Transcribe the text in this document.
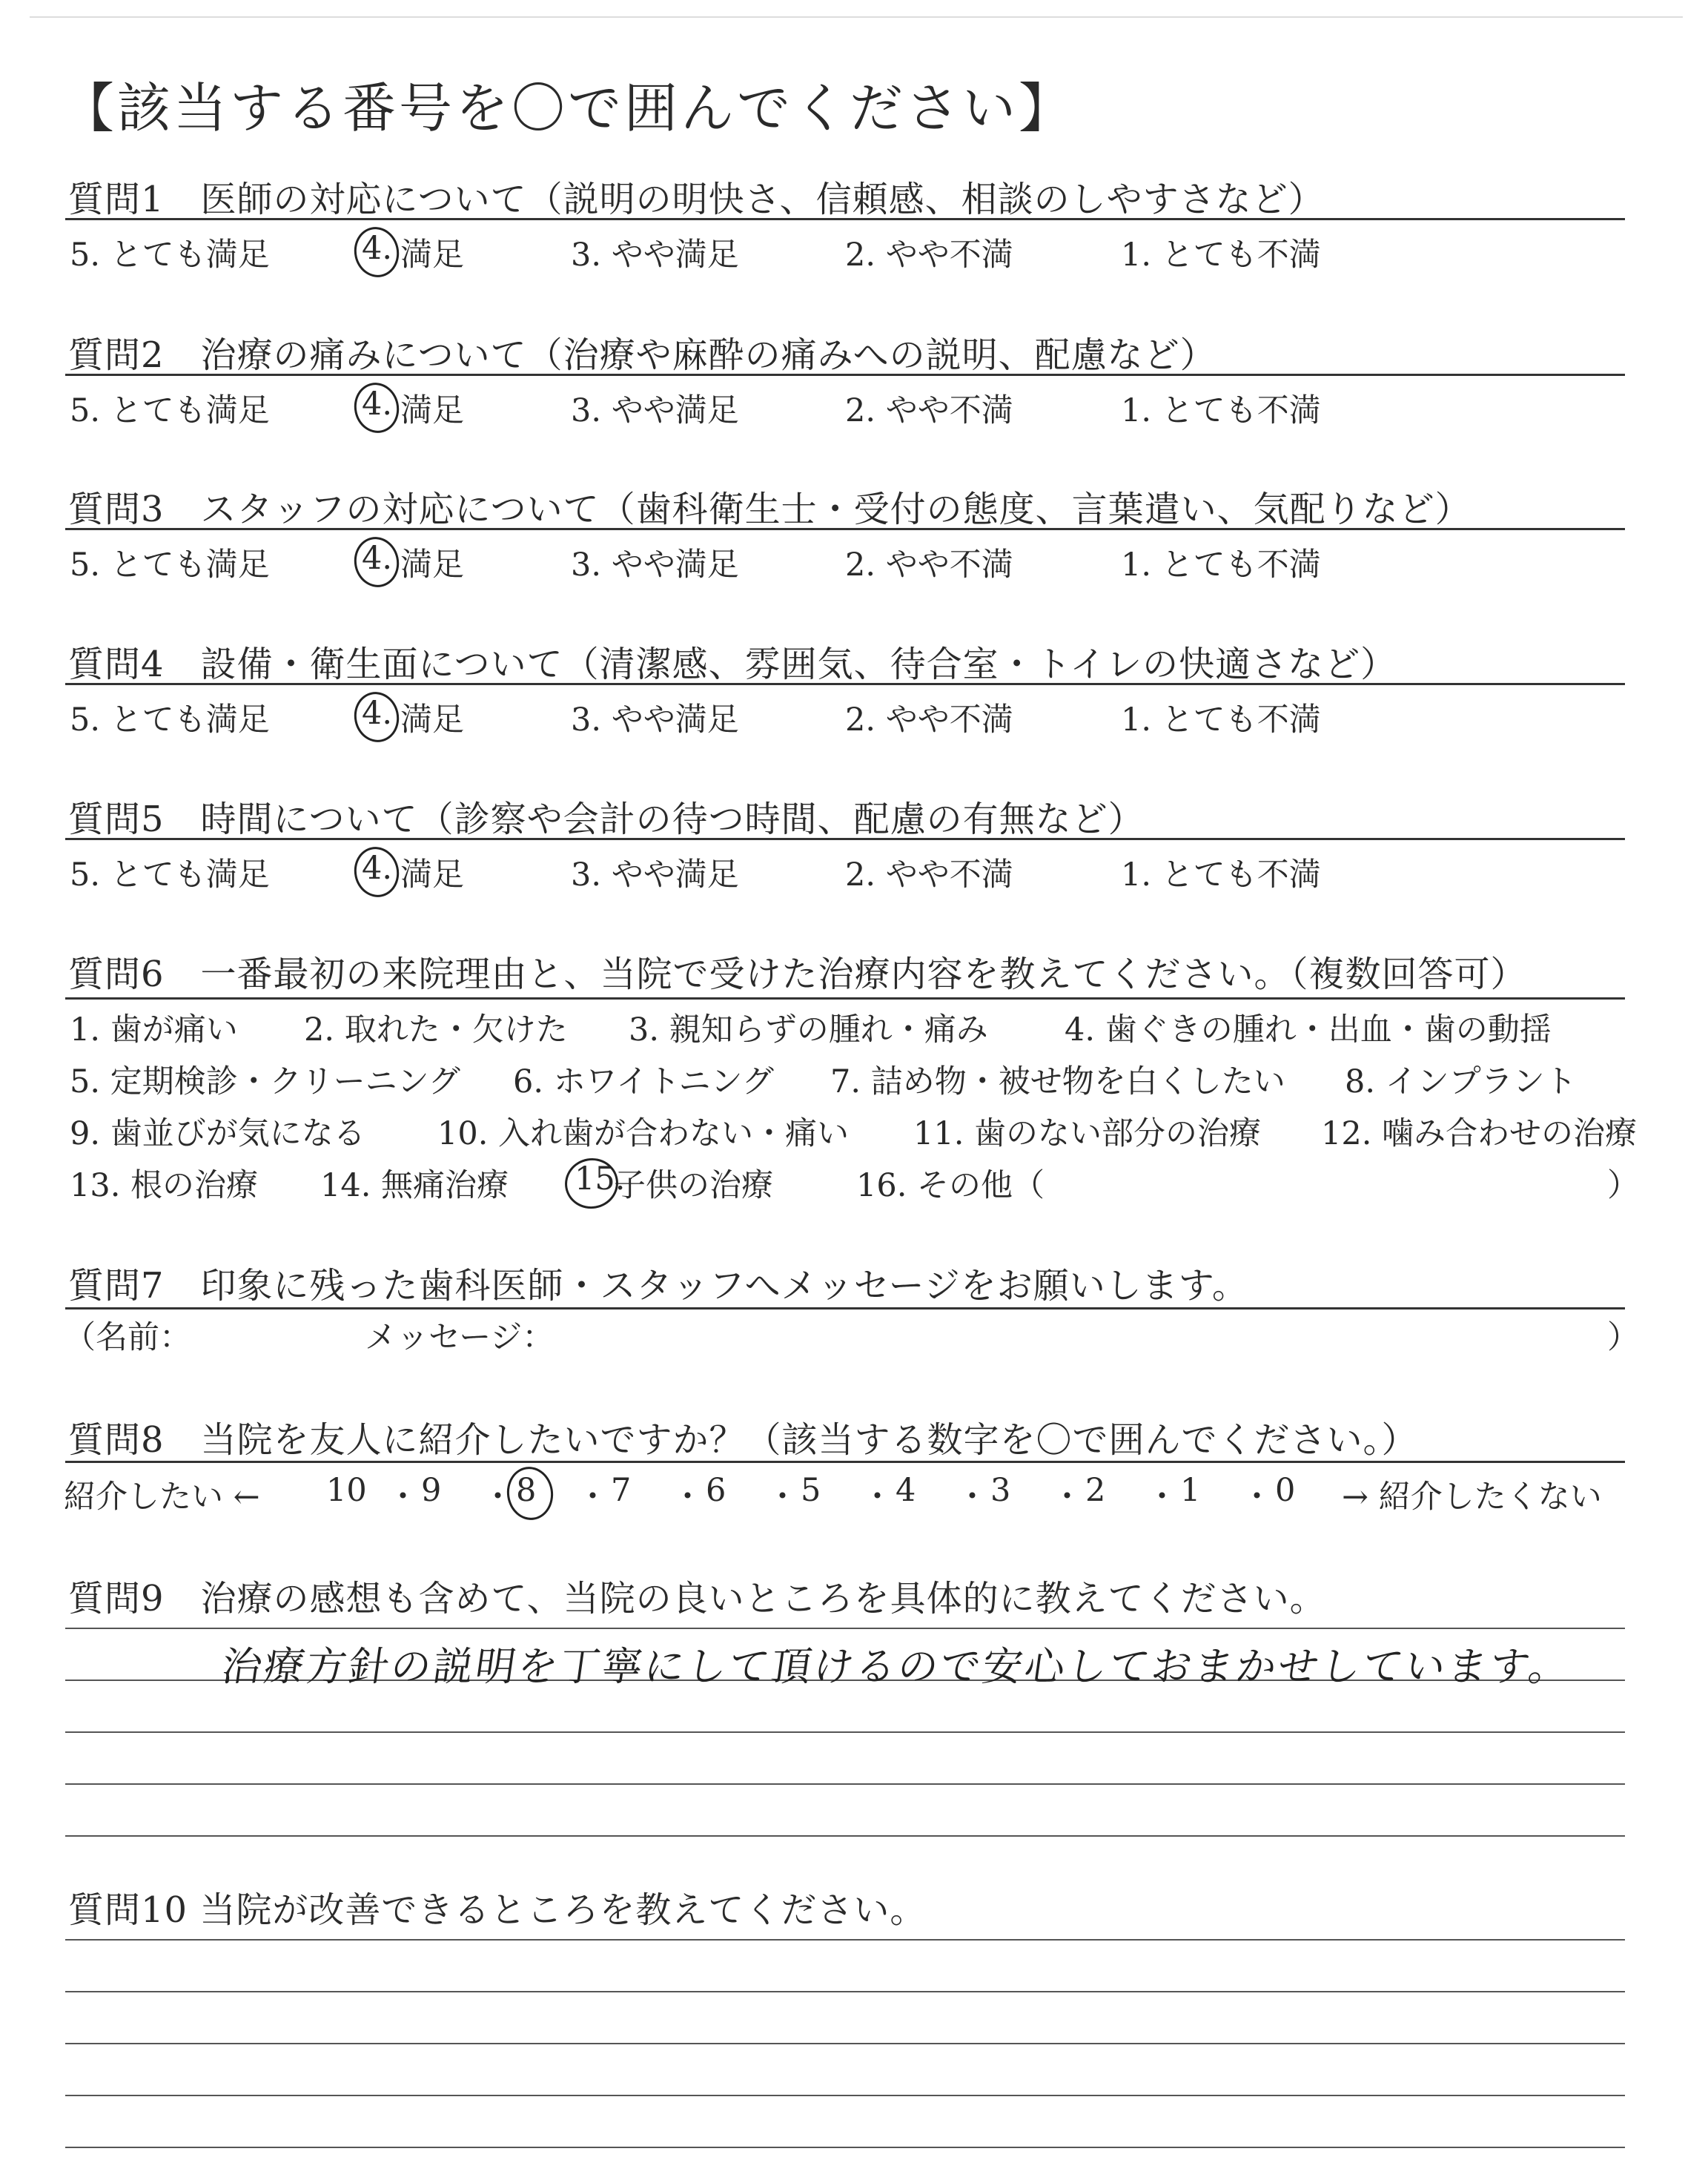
【該当する番号を〇で囲んでください】
質問1　医師の対応について（説明の明快さ、信頼感、相談のしやすさなど）
5. とても満足	4. 満足	3. やや満足	2. やや不満	1. とても不満
質問2　治療の痛みについて（治療や麻酔の痛みへの説明、配慮など）
5. とても満足	4. 満足	3. やや満足	2. やや不満	1. とても不満
質問3　スタッフの対応について（歯科衛生士・受付の態度、言葉遣い、気配りなど）
5. とても満足	4. 満足	3. やや満足	2. やや不満	1. とても不満
質問4　設備・衛生面について（清潔感、雰囲気、待合室・トイレの快適さなど）
5. とても満足	4. 満足	3. やや満足	2. やや不満	1. とても不満
質問5　時間について（診察や会計の待つ時間、配慮の有無など）
5. とても満足	4. 満足	3. やや満足	2. やや不満	1. とても不満
質問6　一番最初の来院理由と、当院で受けた治療内容を教えてください。（複数回答可）
1. 歯が痛い 2. 取れた・欠けた 3. 親知らずの腫れ・痛み 4. 歯ぐきの腫れ・出血・歯の動揺
5. 定期検診・クリーニング 6. ホワイトニング 7. 詰め物・被せ物を白くしたい 8. インプラント
9. 歯並びが気になる 10. 入れ歯が合わない・痛い 11. 歯のない部分の治療 12. 噛み合わせの治療
13. 根の治療 14. 無痛治療 15.
子供の治療	16. その他（	）
質問7　印象に残った歯科医師・スタッフへメッセージをお願いします。
（名前：	メッセージ：	）
質問8　当院を友人に紹介したいですか？（該当する数字を〇で囲んでください。）
紹介したい ← 10 ・ 9 ・ 8 ・ 7 ・ 6 ・ 5 ・ 4 ・ 3 ・ 2 ・ 1 ・ 0 → 紹介したくない
質問9　治療の感想も含めて、当院の良いところを具体的に教えてください。
治療方針の説明を丁寧にして頂けるので安心しておまかせしています。
質問10 当院が改善できるところを教えてください。
